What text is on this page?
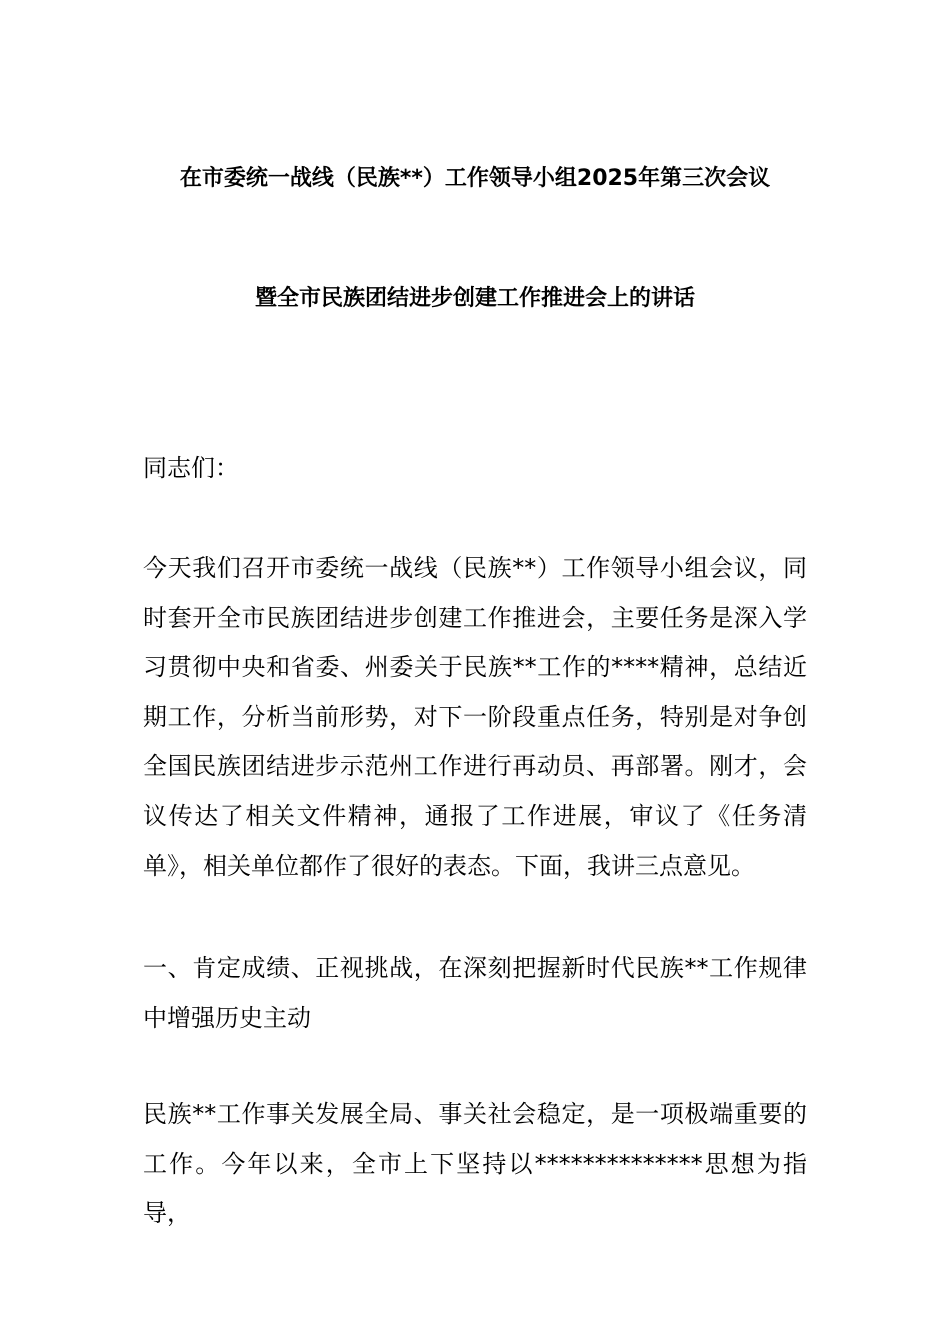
在市委统一战线（民族**）工作领导小组2025年第三次会议
暨全市民族团结进步创建工作推进会上的讲话

同志们：

今天我们召开市委统一战线（民族**）工作领导小组会议，同时套开全市民族团结进步创建工作推进会，主要任务是深入学习贯彻中央和省委、州委关于民族**工作的****精神，总结近期工作，分析当前形势，对下一阶段重点任务，特别是对争创全国民族团结进步示范州工作进行再动员、再部署。刚才，会议传达了相关文件精神，通报了工作进展，审议了《任务清单》，相关单位都作了很好的表态。下面，我讲三点意见。

一、肯定成绩、正视挑战，在深刻把握新时代民族**工作规律中增强历史主动

民族**工作事关发展全局、事关社会稳定，是一项极端重要的工作。今年以来，全市上下坚持以**************思想为指导，
